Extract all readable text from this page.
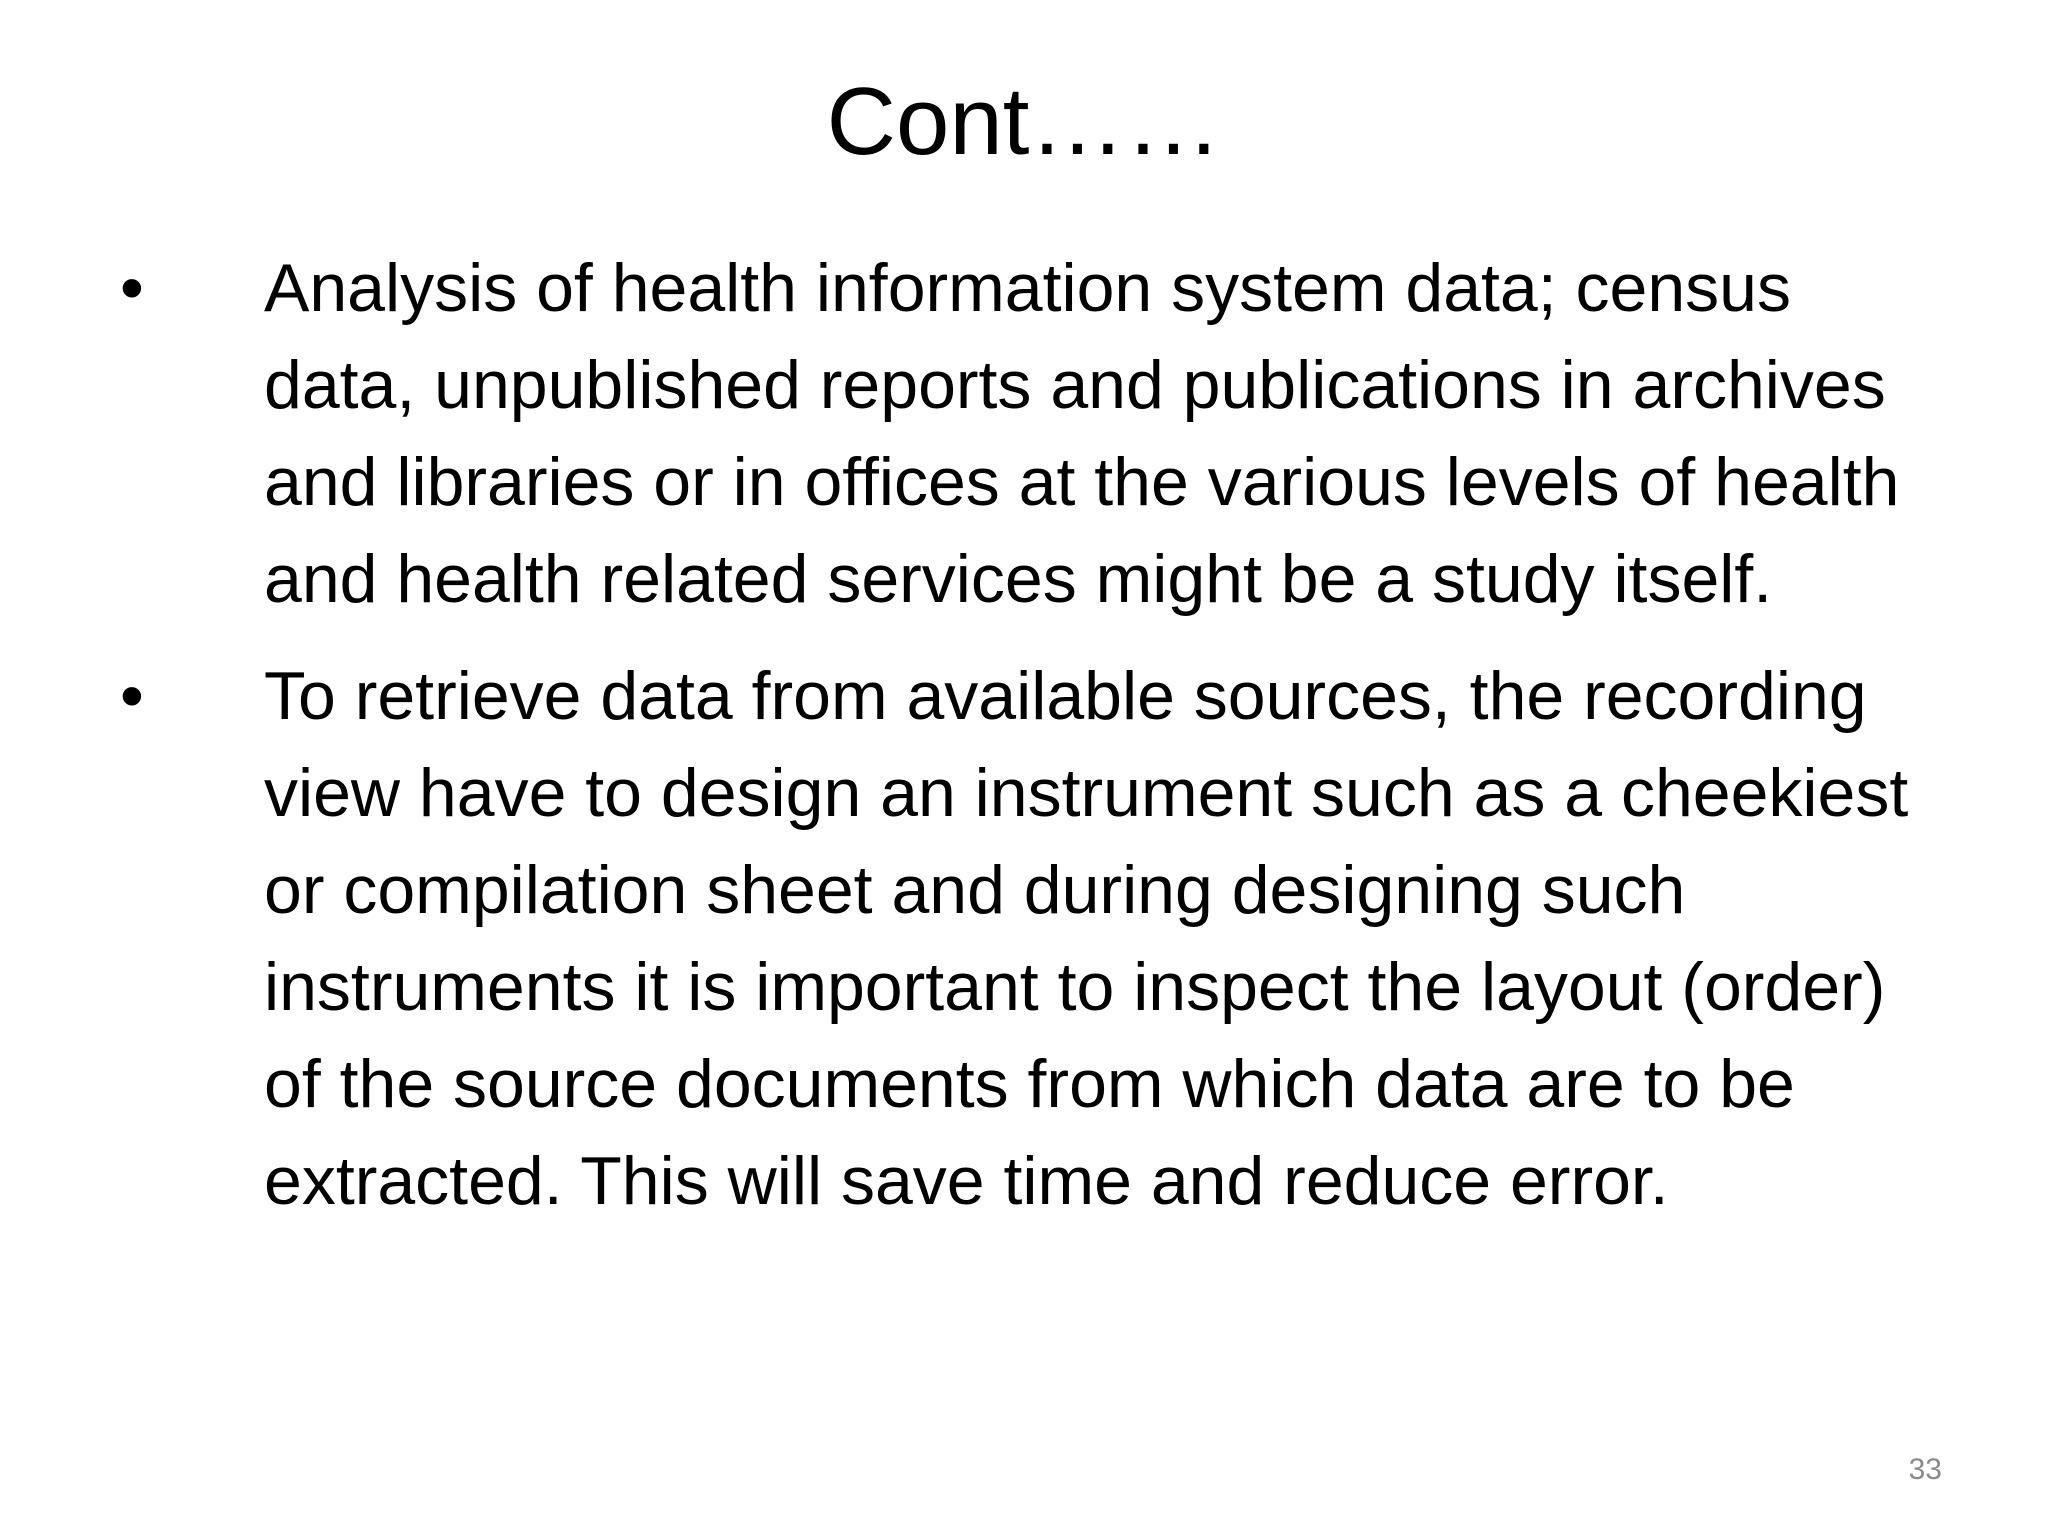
Cont……
• Analysis of health information system data; census data, unpublished reports and publications in archives and libraries or in offices at the various levels of health and health related services might be a study itself.
• To retrieve data from available sources, the recording view have to design an instrument such as a cheekiest or compilation sheet and during designing such instruments it is important to inspect the layout (order) of the source documents from which data are to be extracted. This will save time and reduce error.
33
